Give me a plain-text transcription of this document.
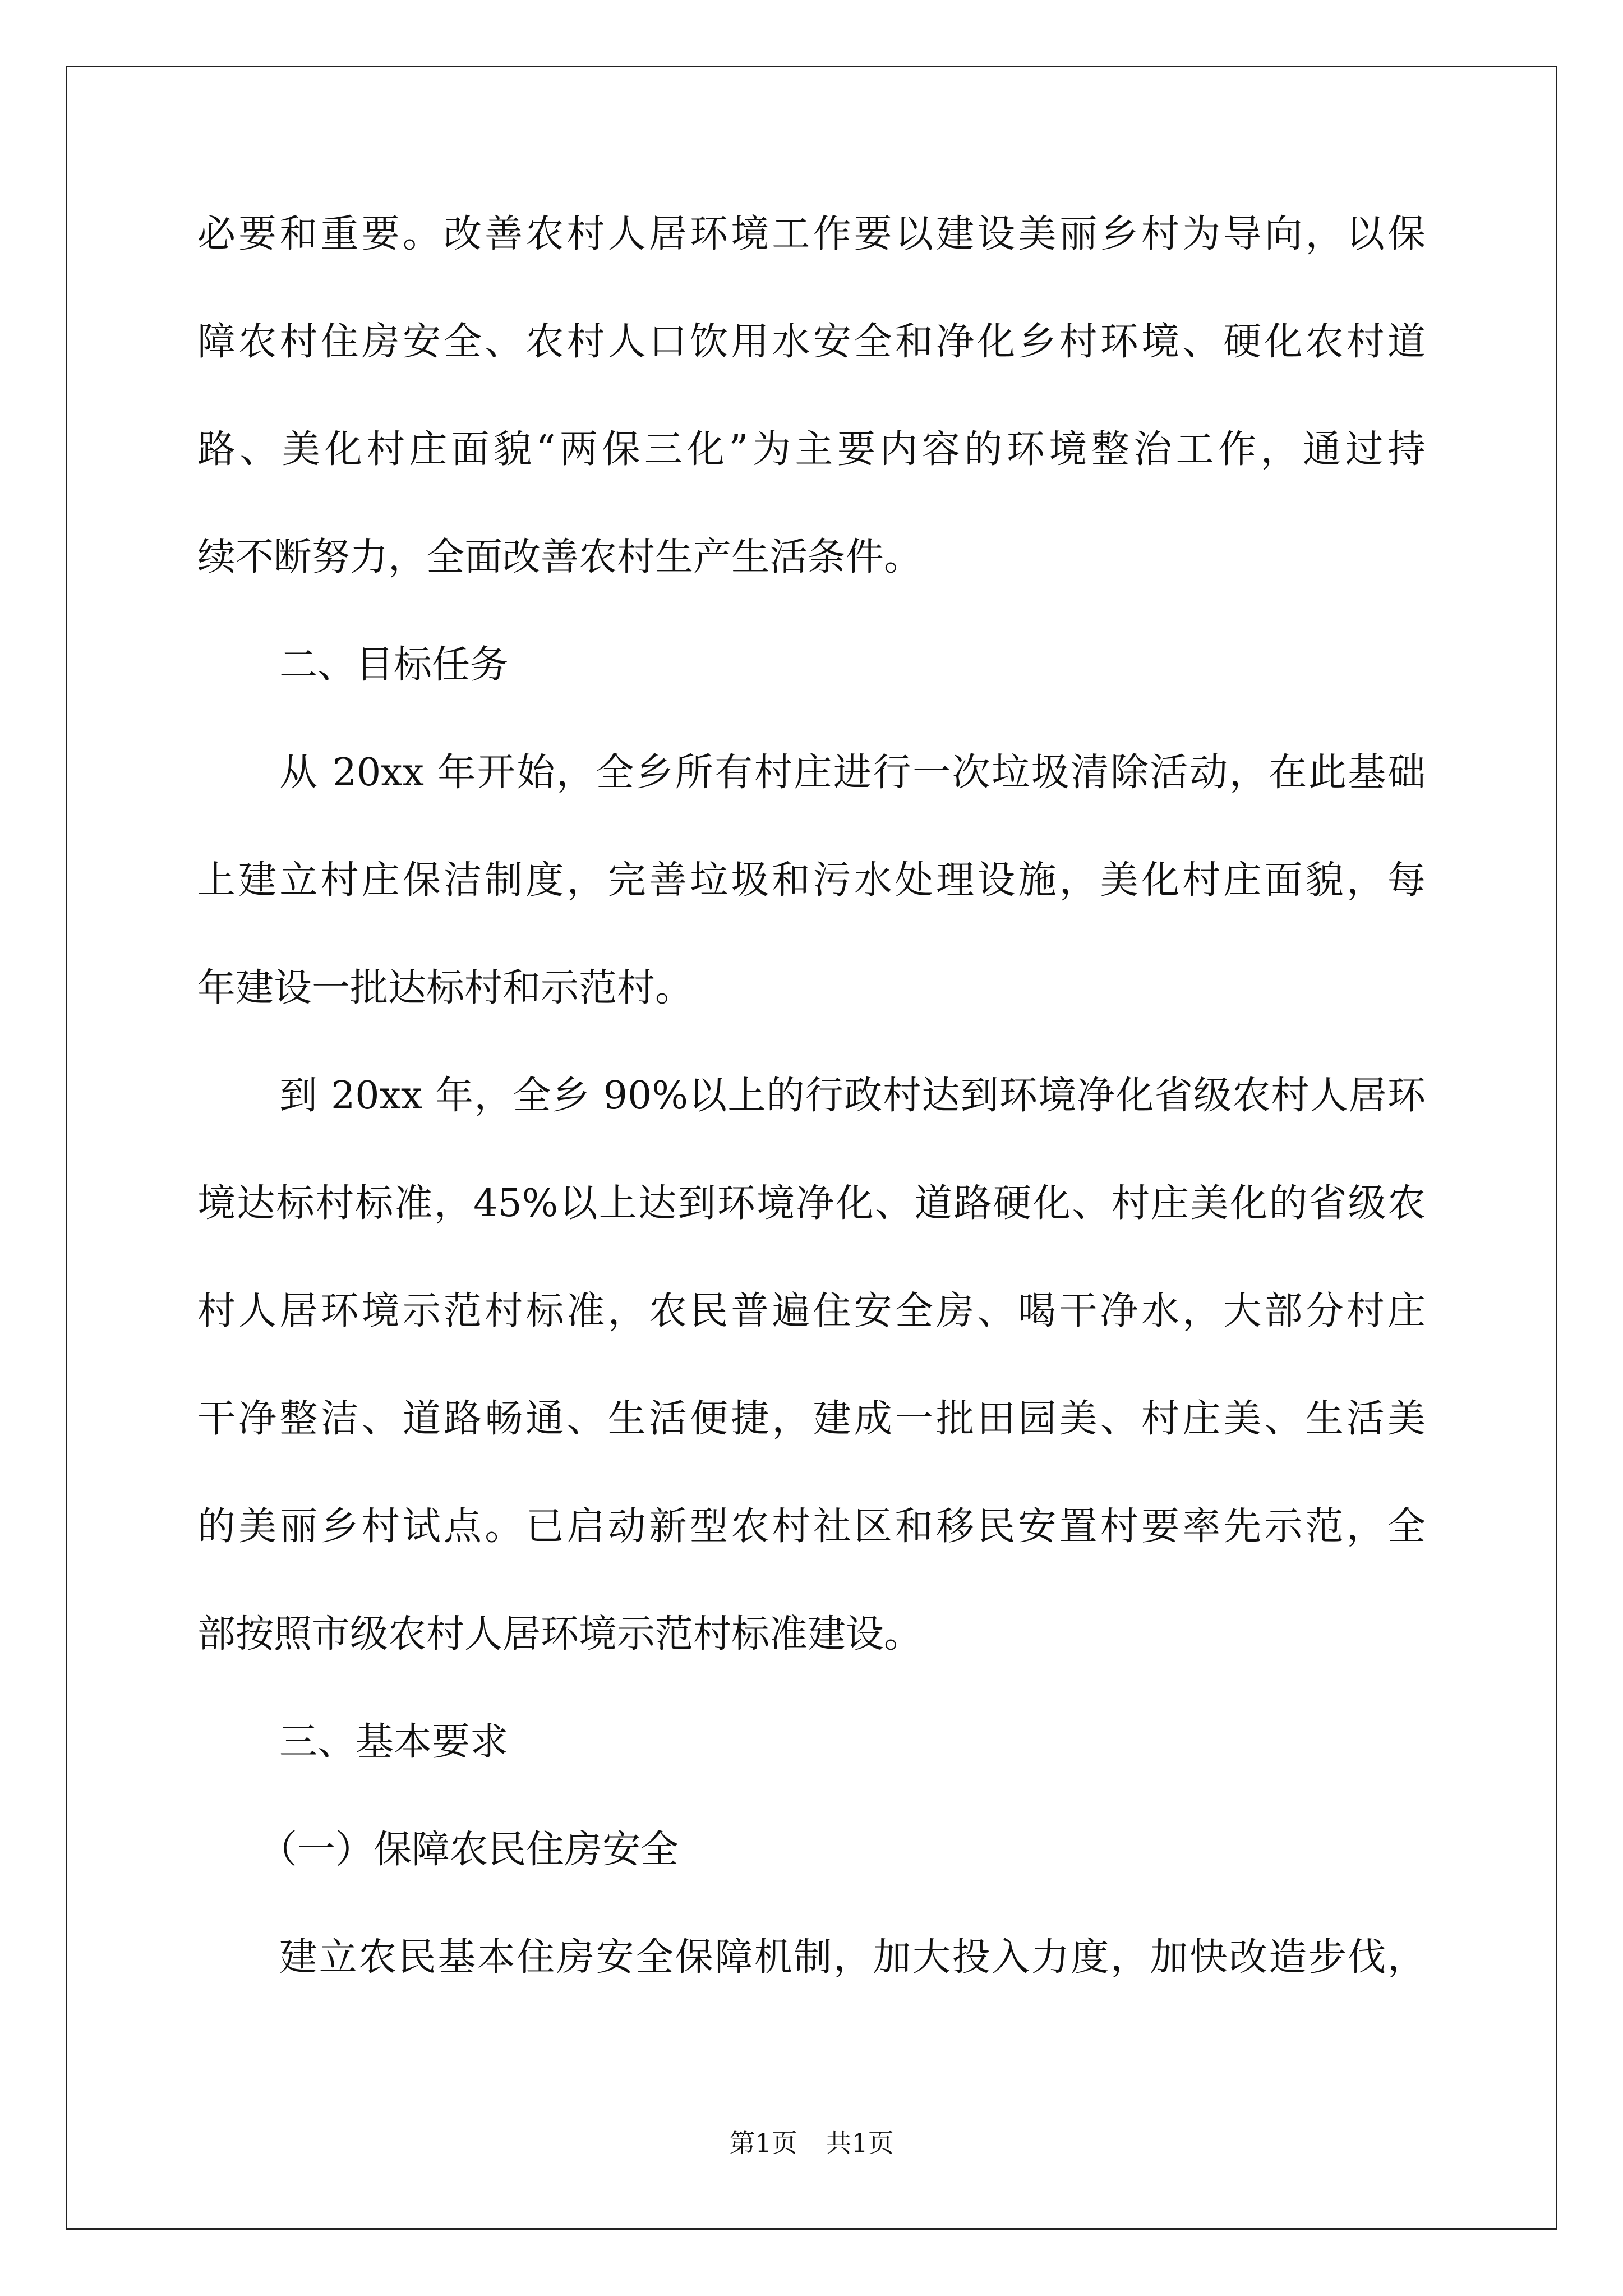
必要和重要。改善农村人居环境工作要以建设美丽乡村为导向，以保
障农村住房安全、农村人口饮用水安全和净化乡村环境、硬化农村道
路、美化村庄面貌“两保三化”为主要内容的环境整治工作，通过持
续不断努力，全面改善农村生产生活条件。
二、目标任务
从 20xx 年开始，全乡所有村庄进行一次垃圾清除活动，在此基础
上建立村庄保洁制度，完善垃圾和污水处理设施，美化村庄面貌，每
年建设一批达标村和示范村。
到 20xx 年，全乡 90%以上的行政村达到环境净化省级农村人居环
境达标村标准，45%以上达到环境净化、道路硬化、村庄美化的省级农
村人居环境示范村标准，农民普遍住安全房、喝干净水，大部分村庄
干净整洁、道路畅通、生活便捷，建成一批田园美、村庄美、生活美
的美丽乡村试点。已启动新型农村社区和移民安置村要率先示范，全
部按照市级农村人居环境示范村标准建设。
三、基本要求
（一）保障农民住房安全
建立农民基本住房安全保障机制，加大投入力度，加快改造步伐，
第1页 共1页
